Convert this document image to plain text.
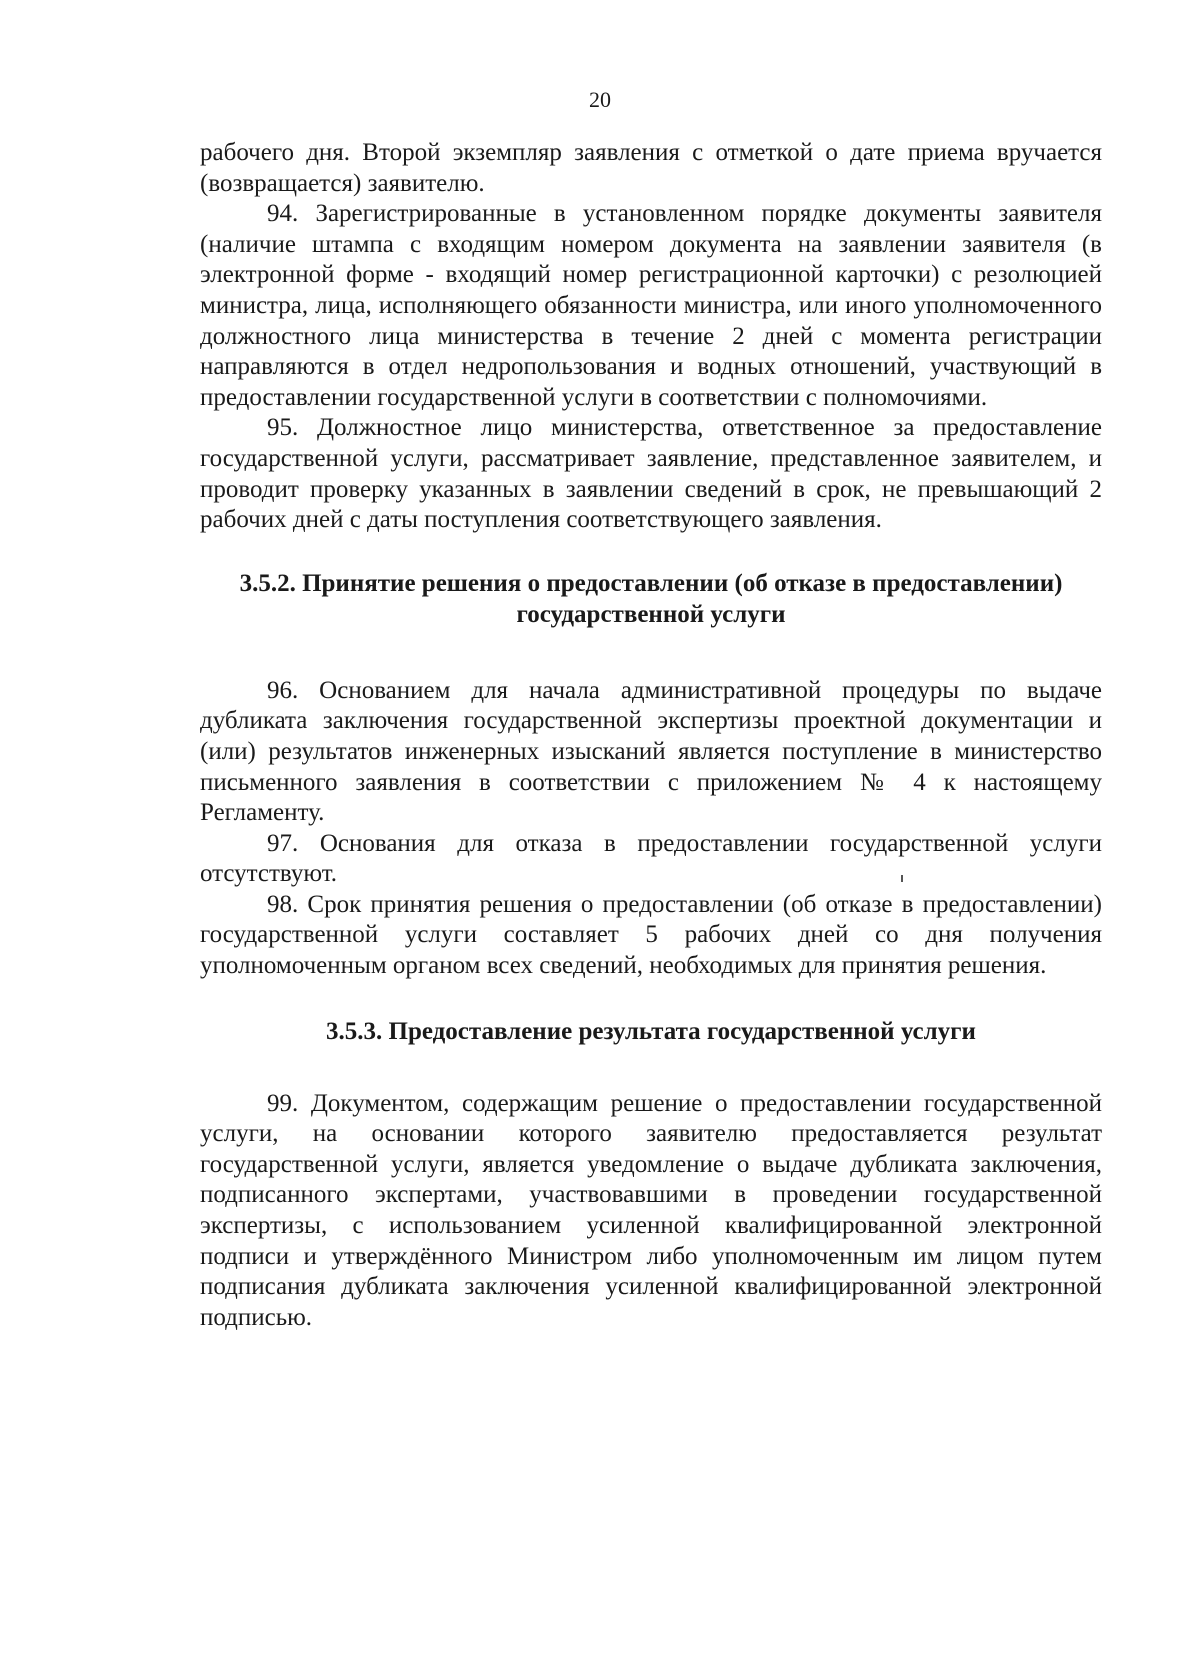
20

рабочего дня. Второй экземпляр заявления с отметкой о дате приема вручается (возвращается) заявителю.

94. Зарегистрированные в установленном порядке документы заявителя (наличие штампа с входящим номером документа на заявлении заявителя (в электронной форме - входящий номер регистрационной карточки) с резолюцией министра, лица, исполняющего обязанности министра, или иного уполномоченного должностного лица министерства в течение 2 дней с момента регистрации направляются в отдел недропользования и водных отношений, участвующий в предоставлении государственной услуги в соответствии с полномочиями.

95. Должностное лицо министерства, ответственное за предоставление государственной услуги, рассматривает заявление, представленное заявителем, и проводит проверку указанных в заявлении сведений в срок, не превышающий 2 рабочих дней с даты поступления соответствующего заявления.

3.5.2. Принятие решения о предоставлении (об отказе в предоставлении) государственной услуги

96. Основанием для начала административной процедуры по выдаче дубликата заключения государственной экспертизы проектной документации и (или) результатов инженерных изысканий является поступление в министерство письменного заявления в соответствии с приложением № 4 к настоящему Регламенту.

97. Основания для отказа в предоставлении государственной услуги отсутствуют.

98. Срок принятия решения о предоставлении (об отказе в предоставлении) государственной услуги составляет 5 рабочих дней со дня получения уполномоченным органом всех сведений, необходимых для принятия решения.

3.5.3. Предоставление результата государственной услуги

99. Документом, содержащим решение о предоставлении государственной услуги, на основании которого заявителю предоставляется результат государственной услуги, является уведомление о выдаче дубликата заключения, подписанного экспертами, участвовавшими в проведении государственной экспертизы, с использованием усиленной квалифицированной электронной подписи и утверждённого Министром либо уполномоченным им лицом путем подписания дубликата заключения усиленной квалифицированной электронной подписью.
